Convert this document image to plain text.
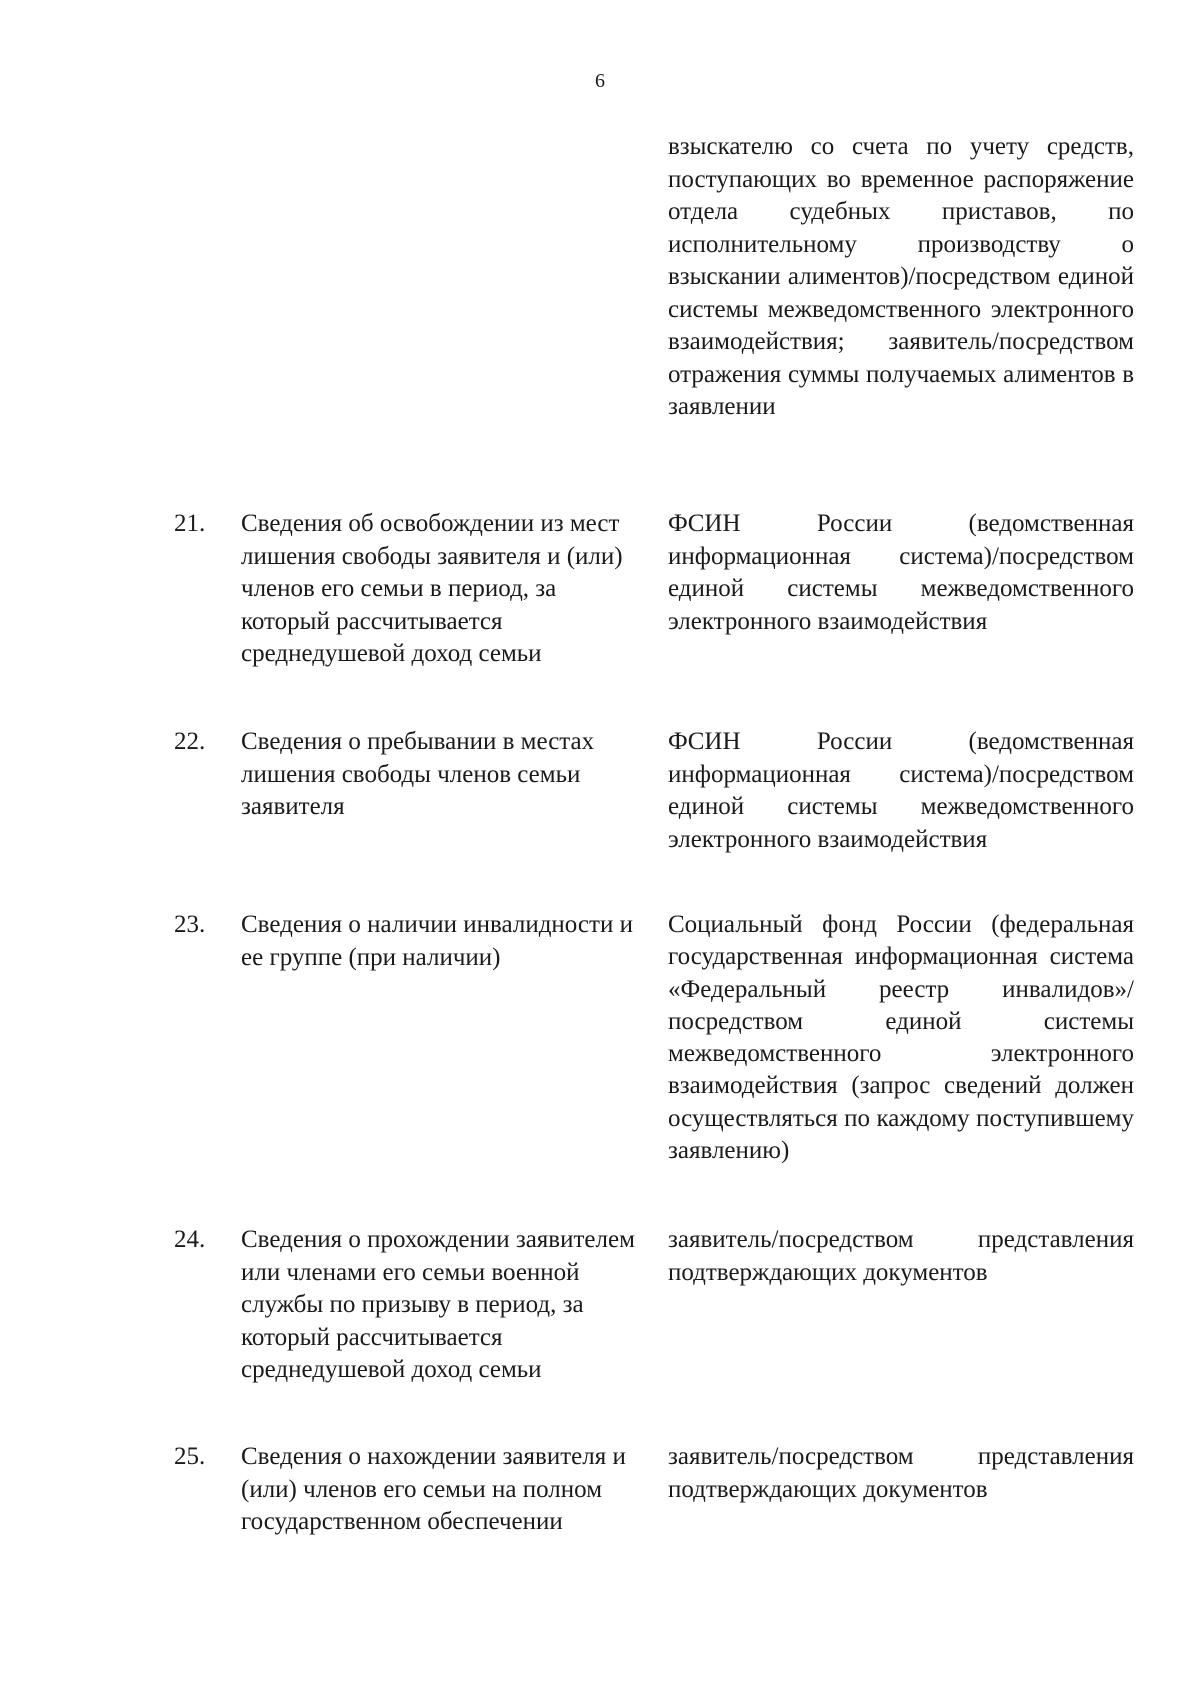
6
взыскателю со счета по учету средств, поступающих во временное распоряжение отдела судебных приставов, по исполнительному производству о взыскании алиментов)/посредством единой системы межведомственного электронного взаимодействия; заявитель/посредством отражения суммы получаемых алиментов в заявлении
21.	Сведения об освобождении из мест лишения свободы заявителя и (или) членов его семьи в период, за который рассчитывается среднедушевой доход семьи
ФСИН России (ведомственная информационная система)/посредством единой системы межведомственного электронного взаимодействия
22.	Сведения о пребывании в местах лишения свободы членов семьи заявителя
ФСИН России (ведомственная информационная система)/посредством единой системы межведомственного электронного взаимодействия
23.	Сведения о наличии инвалидности и ее группе (при наличии)
Социальный фонд России (федеральная государственная информационная система «Федеральный реестр инвалидов»/посредством единой системы межведомственного электронного взаимодействия (запрос сведений должен осуществляться по каждому поступившему заявлению)
24.	Сведения о прохождении заявителем или членами его семьи военной службы по призыву в период, за который рассчитывается среднедушевой доход семьи
заявитель/посредством представления подтверждающих документов
25.	Сведения о нахождении заявителя и (или) членов его семьи на полном государственном обеспечении
заявитель/посредством представления подтверждающих документов
